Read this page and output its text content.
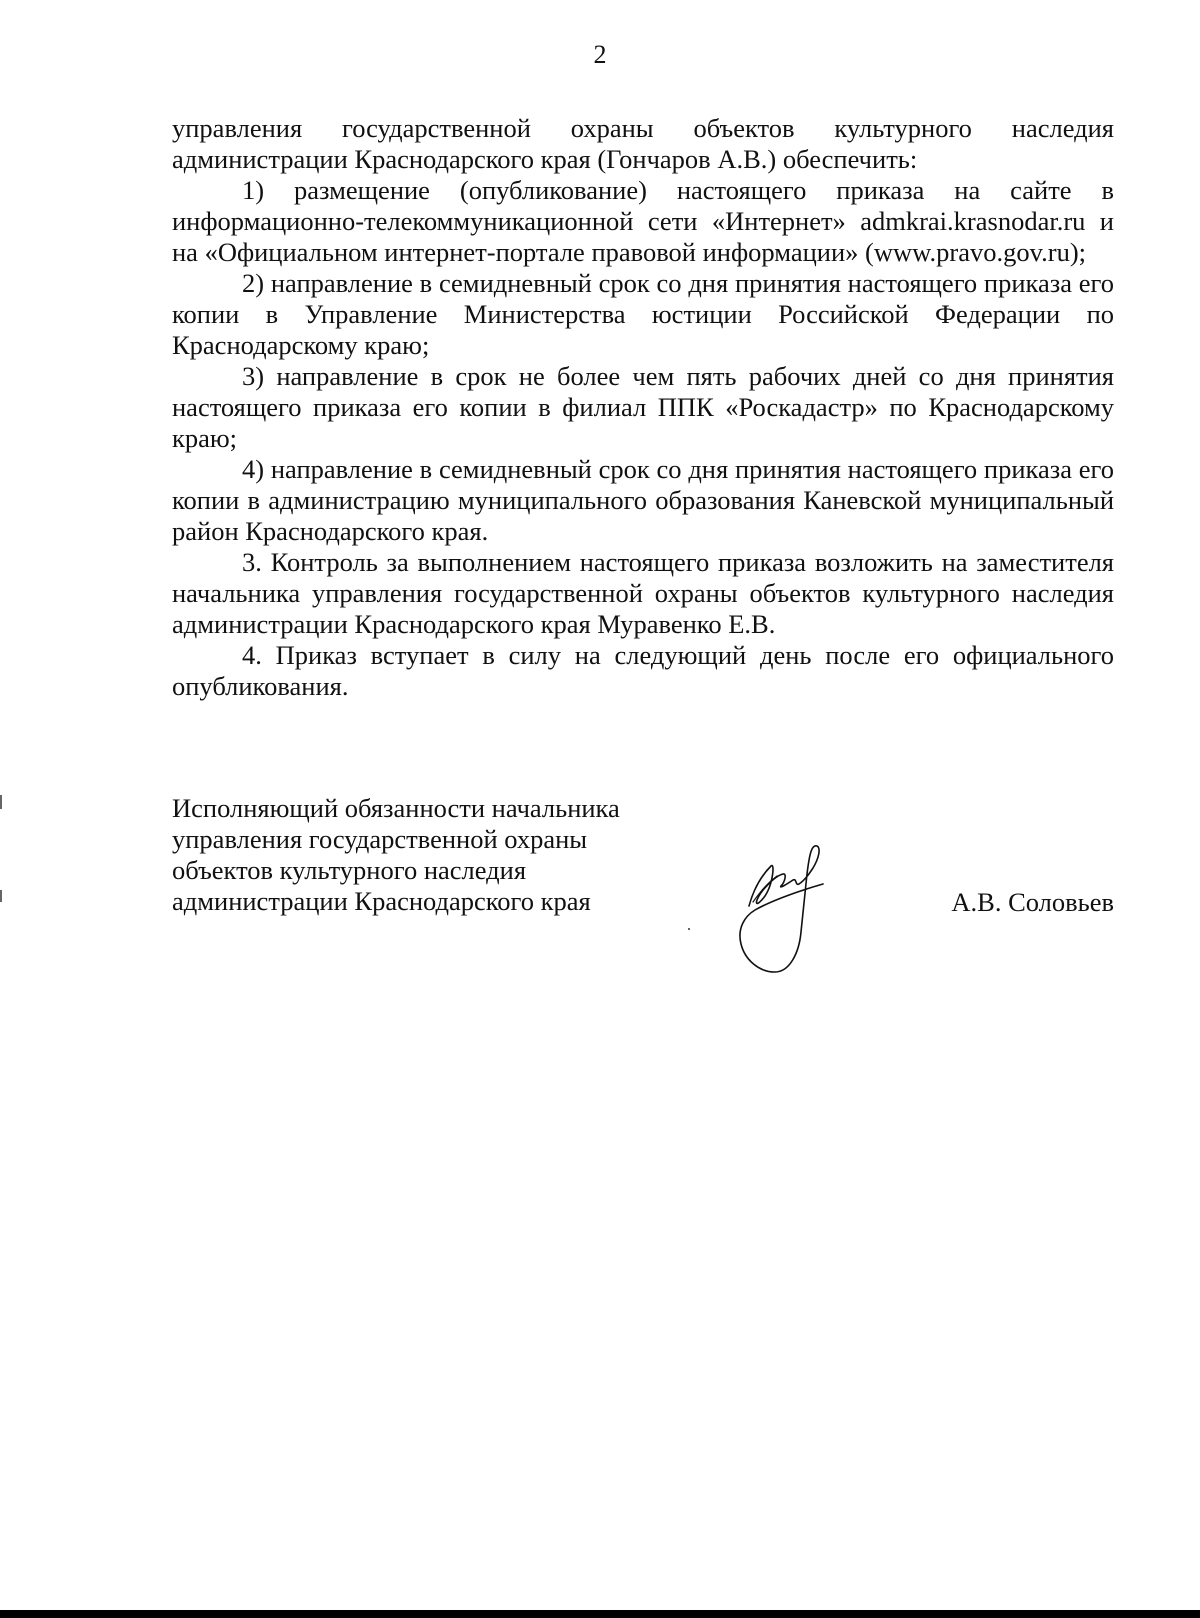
2

управления государственной охраны объектов культурного наследия администрации Краснодарского края (Гончаров А.В.) обеспечить:

1) размещение (опубликование) настоящего приказа на сайте в информационно-телекоммуникационной сети «Интернет» admkrai.krasnodar.ru и на «Официальном интернет-портале правовой информации» (www.pravo.gov.ru);

2) направление в семидневный срок со дня принятия настоящего приказа его копии в Управление Министерства юстиции Российской Федерации по Краснодарскому краю;

3) направление в срок не более чем пять рабочих дней со дня принятия настоящего приказа его копии в филиал ППК «Роскадастр» по Краснодарскому краю;

4) направление в семидневный срок со дня принятия настоящего приказа его копии в администрацию муниципального образования Каневской муниципальный район Краснодарского края.

3. Контроль за выполнением настоящего приказа возложить на заместителя начальника управления государственной охраны объектов культурного наследия администрации Краснодарского края Муравенко Е.В.

4. Приказ вступает в силу на следующий день после его официального опубликования.

Исполняющий обязанности начальника
управления государственной охраны
объектов культурного наследия
администрации Краснодарского края	А.В. Соловьев
